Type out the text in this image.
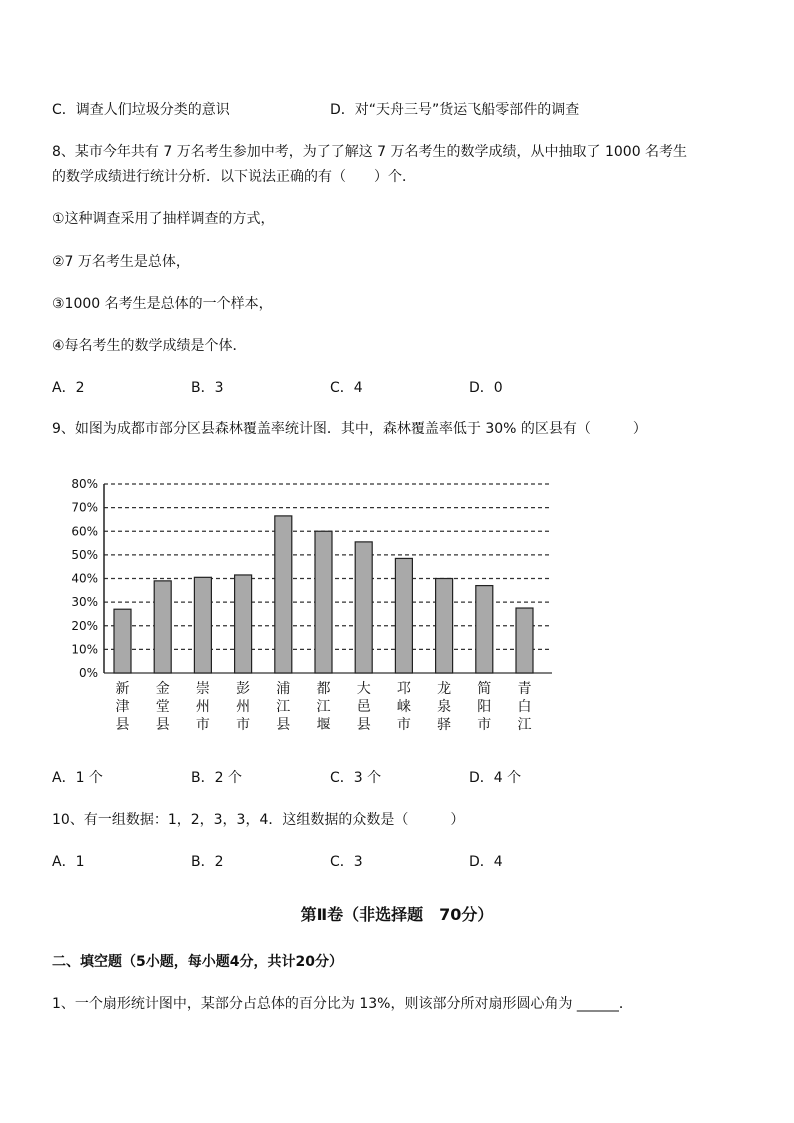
C．调查人们垃圾分类的意识	D．对“天舟三号”货运飞船零部件的调查
8、某市今年共有 7 万名考生参加中考，为了了解这 7 万名考生的数学成绩，从中抽取了 1000 名考生
的数学成绩进行统计分析．以下说法正确的有（　　）个．
①这种调查采用了抽样调查的方式，
②7 万名考生是总体，
③1000 名考生是总体的一个样本，
④每名考生的数学成绩是个体．
A．2	B．3	C．4	D．0
9、如图为成都市部分区县森林覆盖率统计图．其中，森林覆盖率低于 30% 的区县有（　　　）
0%
10%
20%
30%
40%
50%
60%
70%
80%
新津县
金堂县
崇州市
彭州市
浦江县
都江堰
大邑县
邛崃市
龙泉驿
简阳市
青白江
A．1 个	B．2 个	C．3 个	D．4 个
10、有一组数据：1，2，3，3，4．这组数据的众数是（　　　）
A．1	B．2	C．3	D．4
第Ⅱ卷（非选择题　70分）
二、填空题（5小题，每小题4分，共计20分）
1、一个扇形统计图中，某部分占总体的百分比为 13%，则该部分所对扇形圆心角为 ______．
